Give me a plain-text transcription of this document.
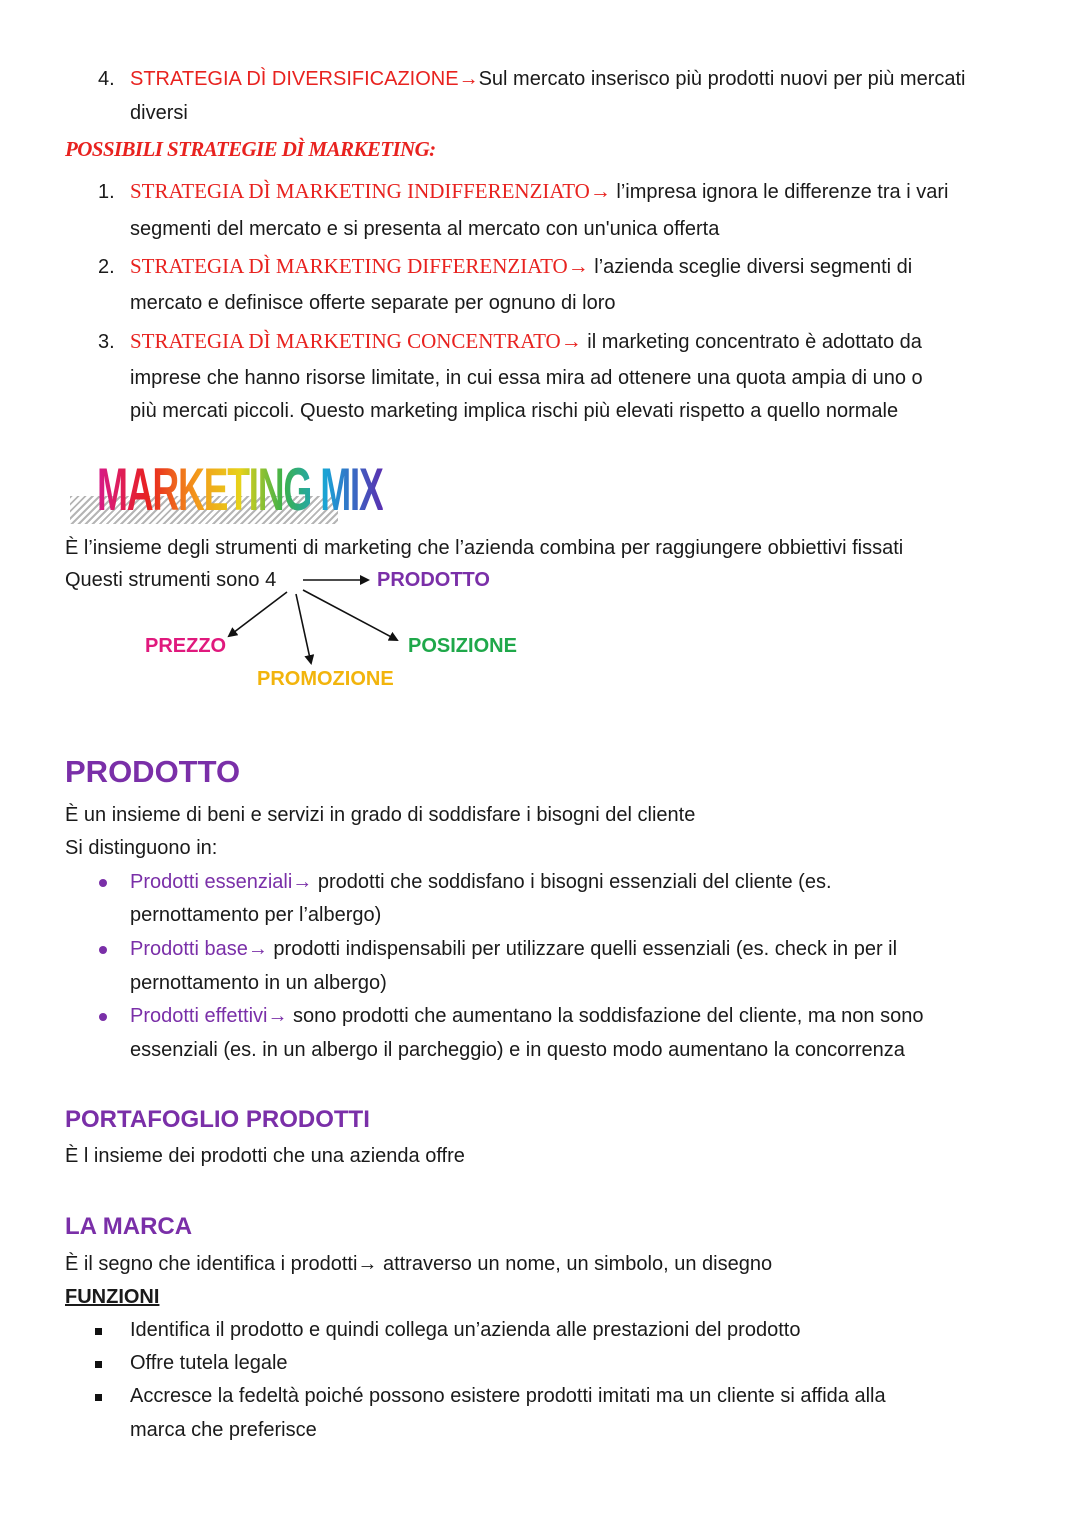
4. STRATEGIA DÌ DIVERSIFICAZIONE→Sul mercato inserisco più prodotti nuovi per più mercati
diversi
POSSIBILI STRATEGIE DÌ MARKETING:
1. STRATEGIA DÌ MARKETING INDIFFERENZIATO→ l’impresa ignora le differenze tra i vari
segmenti del mercato e si presenta al mercato con un'unica offerta
2. STRATEGIA DÌ MARKETING DIFFERENZIATO→ l’azienda sceglie diversi segmenti di
mercato e definisce offerte separate per ognuno di loro
3. STRATEGIA DÌ MARKETING CONCENTRATO→ il marketing concentrato è adottato da
imprese che hanno risorse limitate, in cui essa mira ad ottenere una quota ampia di uno o
più mercati piccoli. Questo marketing implica rischi più elevati rispetto a quello normale
MARKETING MIX
È l’insieme degli strumenti di marketing che l’azienda combina per raggiungere obbiettivi fissati
Questi strumenti sono 4	PRODOTTO
PREZZO	POSIZIONE
PROMOZIONE
PRODOTTO
È un insieme di beni e servizi in grado di soddisfare i bisogni del cliente
Si distinguono in:
Prodotti essenziali→ prodotti che soddisfano i bisogni essenziali del cliente (es.
pernottamento per l’albergo)
Prodotti base→ prodotti indispensabili per utilizzare quelli essenziali (es. check in per il
pernottamento in un albergo)
Prodotti effettivi→ sono prodotti che aumentano la soddisfazione del cliente, ma non sono
essenziali (es. in un albergo il parcheggio) e in questo modo aumentano la concorrenza
PORTAFOGLIO PRODOTTI
È l insieme dei prodotti che una azienda offre
LA MARCA
È il segno che identifica i prodotti→ attraverso un nome, un simbolo, un disegno
FUNZIONI
Identifica il prodotto e quindi collega un’azienda alle prestazioni del prodotto
Offre tutela legale
Accresce la fedeltà poiché possono esistere prodotti imitati ma un cliente si affida alla
marca che preferisce
